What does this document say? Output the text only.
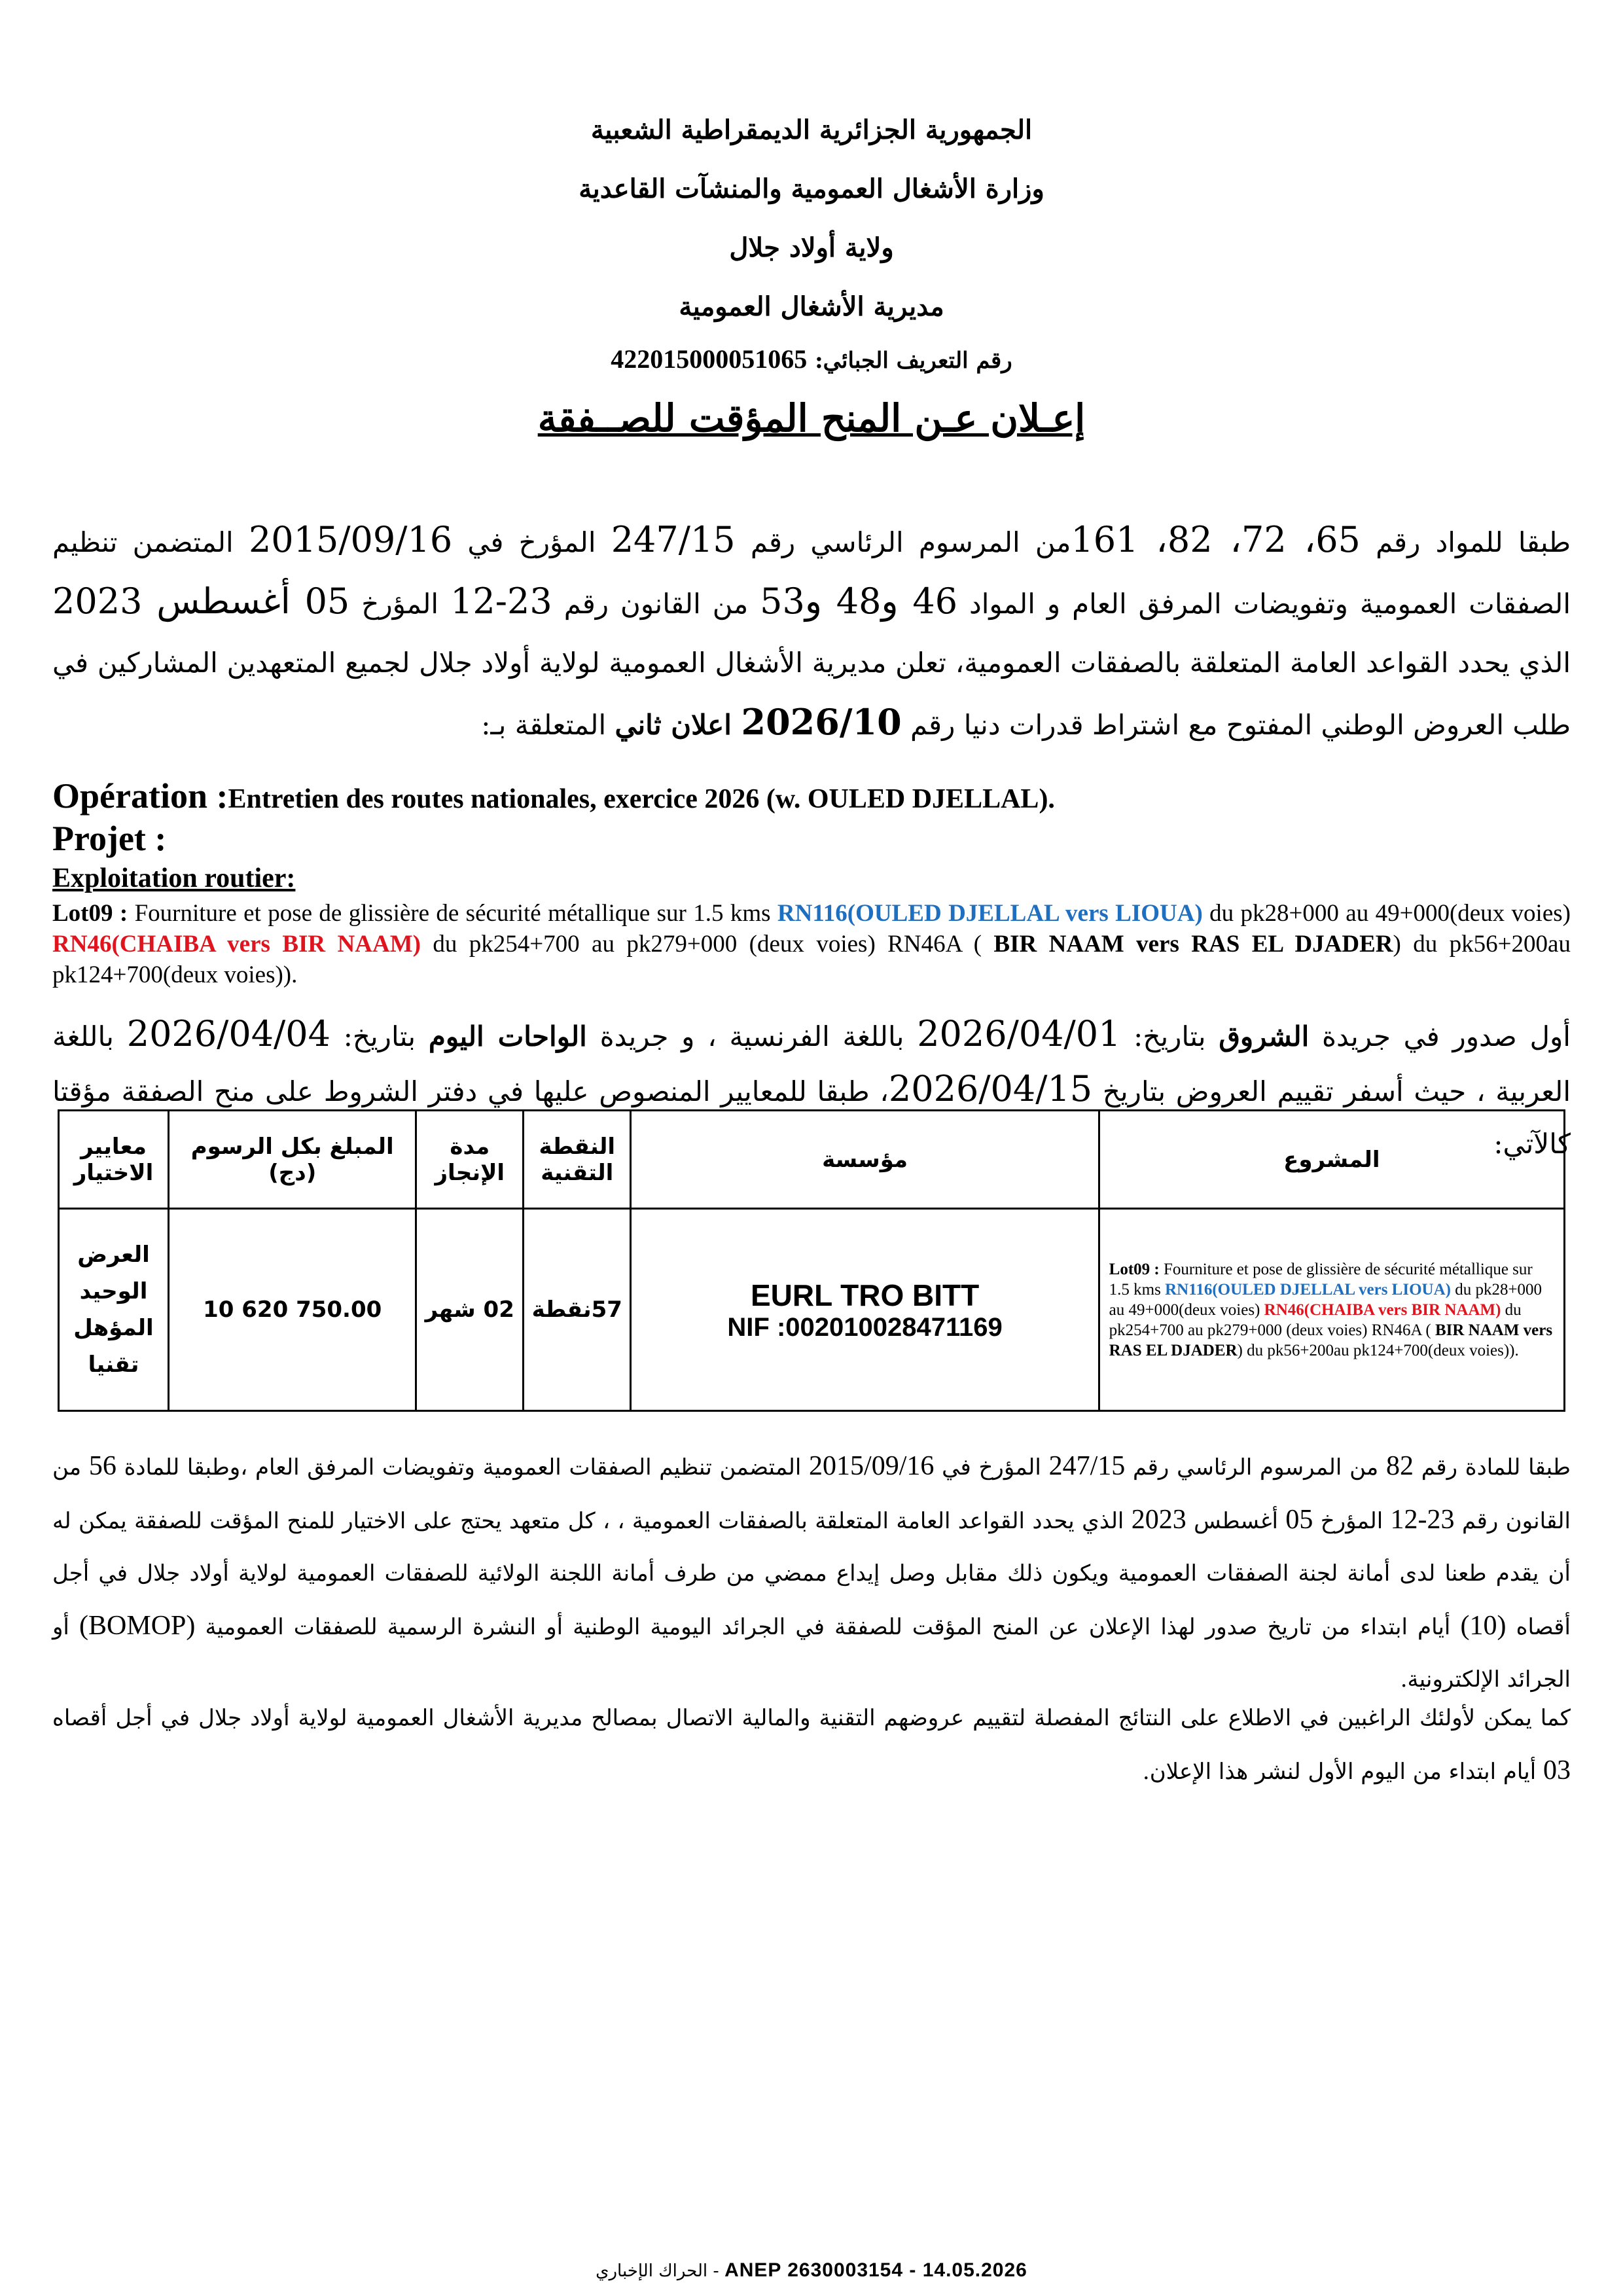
الجمهورية الجزائرية الديمقراطية الشعبية
وزارة الأشغال العمومية والمنشآت القاعدية
ولاية أولاد جلال
مديرية الأشغال العمومية
رقم التعريف الجبائي: 422015000051065
إعـلان عـن المنح المؤقت للصــفقة
طبقا للمواد رقم 65، 72، 82، 161من المرسوم الرئاسي رقم 247/15 المؤرخ في 2015/09/16 المتضمن تنظيم الصفقات العمومية وتفويضات المرفق العام و المواد 46 و48 و53 من القانون رقم 23-12 المؤرخ 05 أغسطس 2023 الذي يحدد القواعد العامة المتعلقة بالصفقات العمومية، تعلن مديرية الأشغال العمومية لولاية أولاد جلال لجميع المتعهدين المشاركين في طلب العروض الوطني المفتوح مع اشتراط قدرات دنيا رقم 2026/10 اعلان ثاني المتعلقة بـ:
Opération :Entretien des routes nationales, exercice 2026 (w. OULED DJELLAL).
Projet :
Exploitation routier:
Lot09 : Fourniture et pose de glissière de sécurité métallique sur 1.5 kms RN116(OULED DJELLAL vers LIOUA) du pk28+000 au 49+000(deux voies) RN46(CHAIBA vers BIR NAAM) du pk254+700 au pk279+000 (deux voies) RN46A ( BIR NAAM vers RAS EL DJADER) du pk56+200au pk124+700(deux voies)).
أول صدور في جريدة الشروق بتاريخ: 2026/04/01 باللغة الفرنسية ، و جريدة الواحات اليوم بتاريخ: 2026/04/04 باللغة العربية ، حيث أسفر تقييم العروض بتاريخ 2026/04/15، طبقا للمعايير المنصوص عليها في دفتر الشروط على منح الصفقة مؤقتا كالآتي:
المشروع	مؤسسة	النقطة التقنية	مدة الإنجاز	المبلغ بكل الرسوم (دج)	معايير الاختيار
Lot09 : Fourniture et pose de glissière de sécurité métallique sur 1.5 kms RN116(OULED DJELLAL vers LIOUA) du pk28+000 au 49+000(deux voies) RN46(CHAIBA vers BIR NAAM) du pk254+700 au pk279+000 (deux voies) RN46A ( BIR NAAM vers RAS EL DJADER) du pk56+200au pk124+700(deux voies)).	EURL TRO BITT
NIF :002010028471169	57نقطة	02 شهر	10 620 750.00	العرض الوحيد المؤهل تقنيا
طبقا للمادة رقم 82 من المرسوم الرئاسي رقم 247/15 المؤرخ في 2015/09/16 المتضمن تنظيم الصفقات العمومية وتفويضات المرفق العام ،وطبقا للمادة 56 من القانون رقم 23-12 المؤرخ 05 أغسطس 2023 الذي يحدد القواعد العامة المتعلقة بالصفقات العمومية ، ، كل متعهد يحتج على الاختيار للمنح المؤقت للصفقة يمكن له أن يقدم طعنا لدى أمانة لجنة الصفقات العمومية ويكون ذلك مقابل وصل إيداع ممضي من طرف أمانة اللجنة الولائية للصفقات العمومية لولاية أولاد جلال في أجل أقصاه (10) أيام ابتداء من تاريخ صدور لهذا الإعلان عن المنح المؤقت للصفقة في الجرائد اليومية الوطنية أو النشرة الرسمية للصفقات العمومية (BOMOP) أو الجرائد الإلكترونية.
كما يمكن لأولئك الراغبين في الاطلاع على النتائج المفصلة لتقييم عروضهم التقنية والمالية الاتصال بمصالح مديرية الأشغال العمومية لولاية أولاد جلال في أجل أقصاه 03 أيام ابتداء من اليوم الأول لنشر هذا الإعلان.
الحراك الإخباري - ANEP 2630003154 - 14.05.2026
